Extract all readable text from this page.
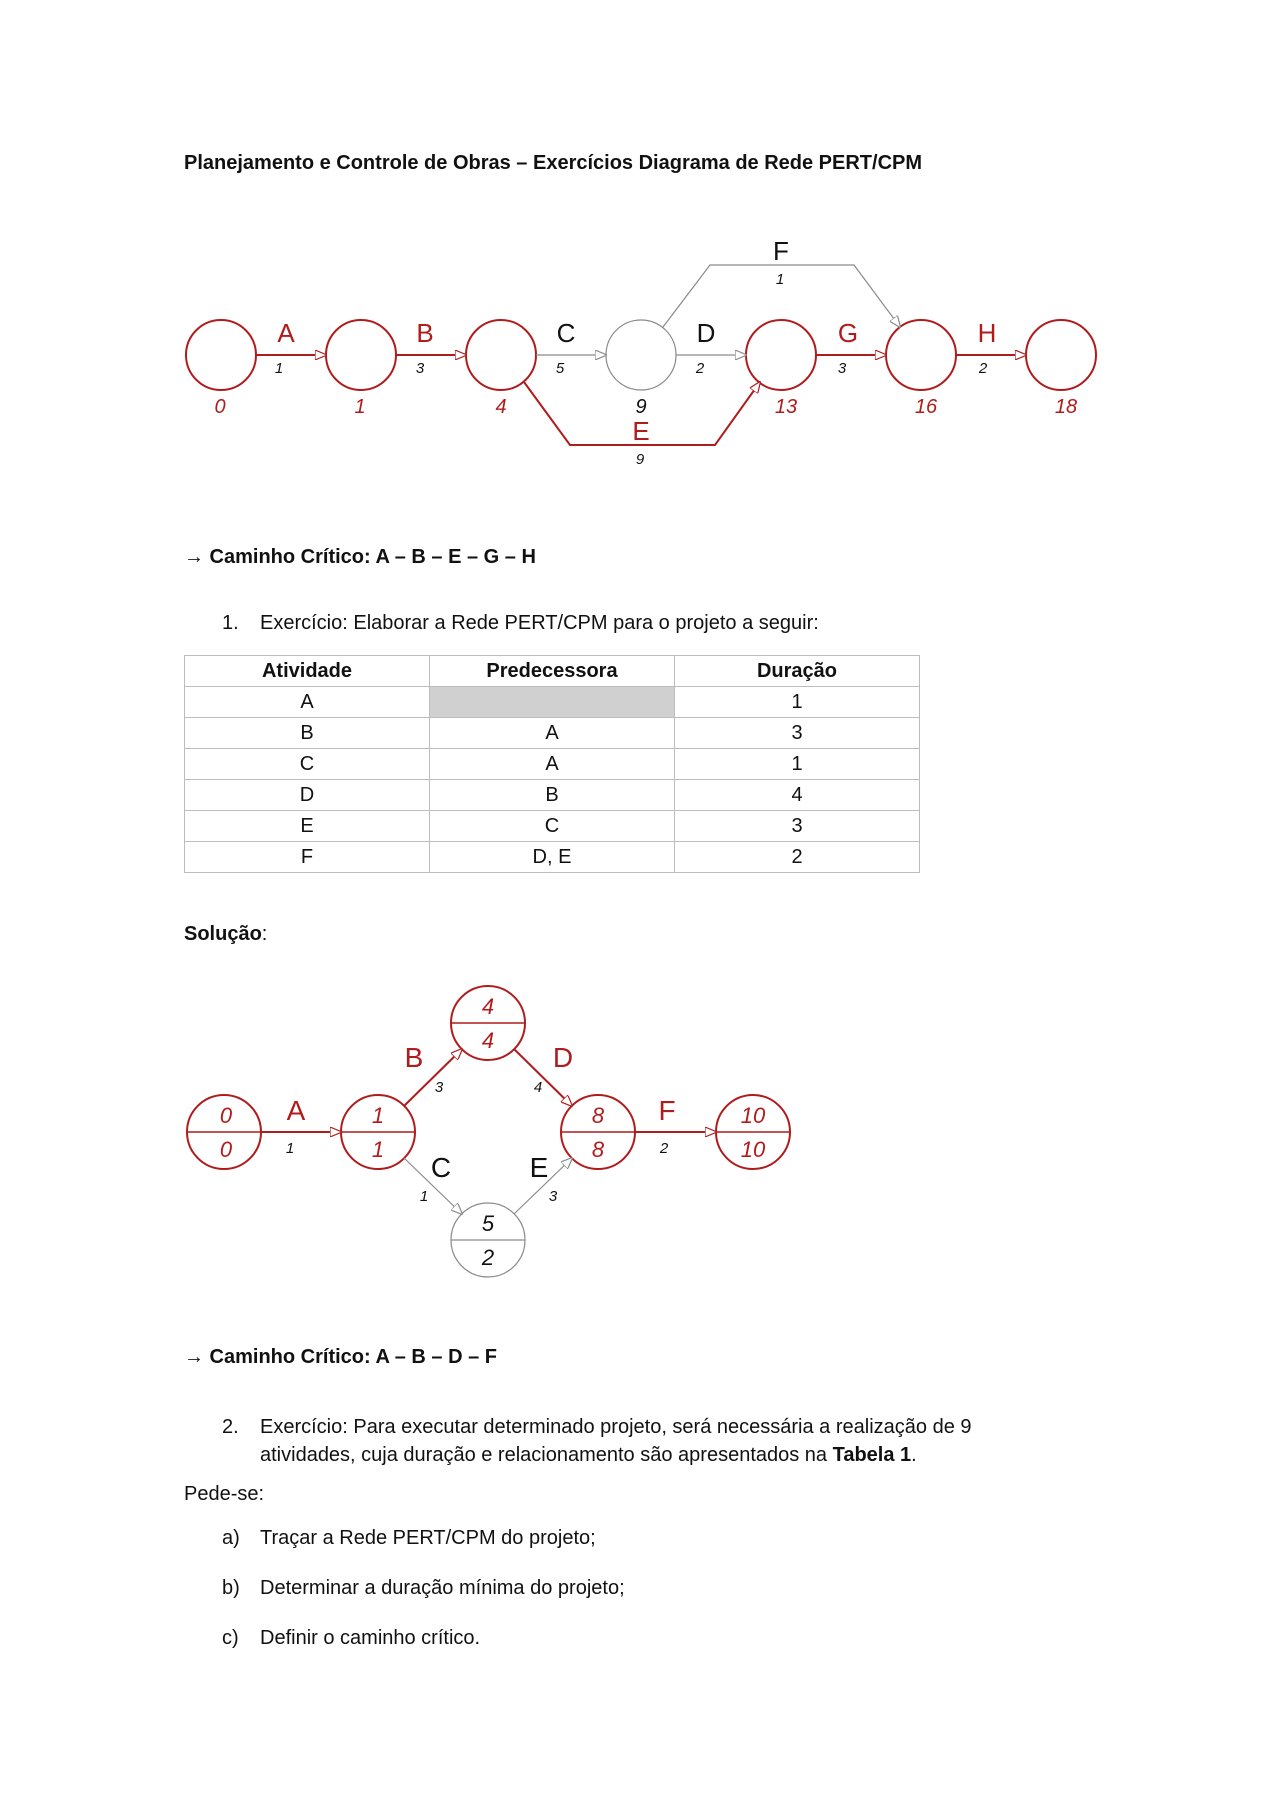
Planejamento e Controle de Obras – Exercícios Diagrama de Rede PERT/CPM
A
1
B
3
C
5
D
2
E
9
F
1
G
3
H
2
0	1	4	9	13	16	18
→ Caminho Crítico: A – B – E – G – H
1. Exercício: Elaborar a Rede PERT/CPM para o projeto a seguir:
Atividade	Predecessora	Duração
A		1
B	A	3
C	A	1
D	B	4
E	C	3
F	D, E	2
Solução:
0
0
1
1
4
4
5
2
8
8
10
10
A
1
B
3
C
1
D
4
E
3
F
2
→ Caminho Crítico: A – B – D – F
2. Exercício: Para executar determinado projeto, será necessária a realização de 9
atividades, cuja duração e relacionamento são apresentados na Tabela 1.
Pede-se:
a) Traçar a Rede PERT/CPM do projeto;
b) Determinar a duração mínima do projeto;
c) Definir o caminho crítico.
